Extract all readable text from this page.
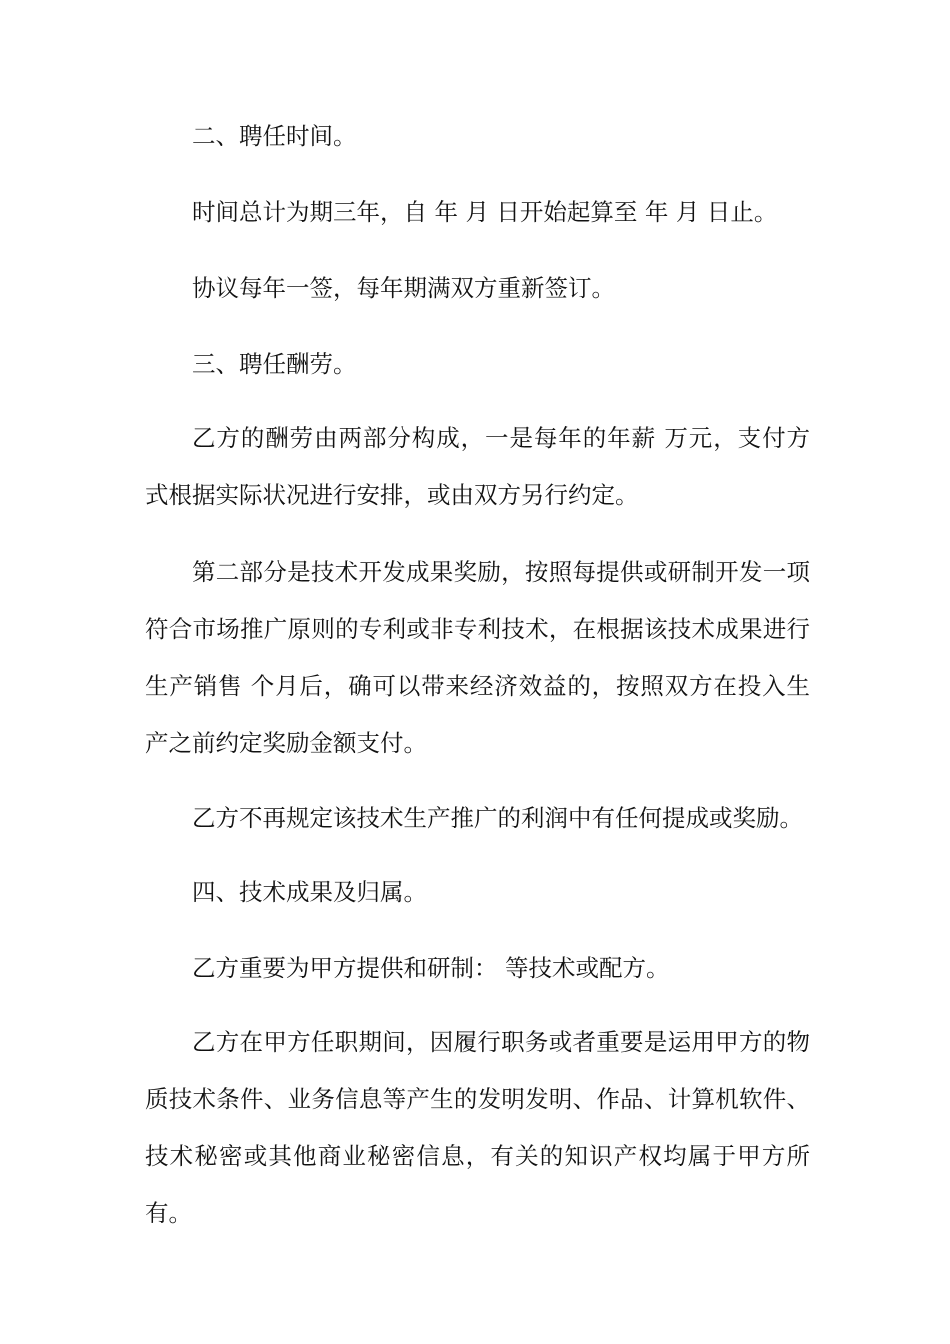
二、聘任时间。

时间总计为期三年，自 年 月 日开始起算至 年 月 日止。

协议每年一签，每年期满双方重新签订。

三、聘任酬劳。

乙方的酬劳由两部分构成，一是每年的年薪 万元，支付方式根据实际状况进行安排，或由双方另行约定。

第二部分是技术开发成果奖励，按照每提供或研制开发一项符合市场推广原则的专利或非专利技术，在根据该技术成果进行生产销售 个月后，确可以带来经济效益的，按照双方在投入生产之前约定奖励金额支付。

乙方不再规定该技术生产推广的利润中有任何提成或奖励。

四、技术成果及归属。

乙方重要为甲方提供和研制： 等技术或配方。

乙方在甲方任职期间，因履行职务或者重要是运用甲方的物质技术条件、业务信息等产生的发明发明、作品、计算机软件、技术秘密或其他商业秘密信息，有关的知识产权均属于甲方所有。
